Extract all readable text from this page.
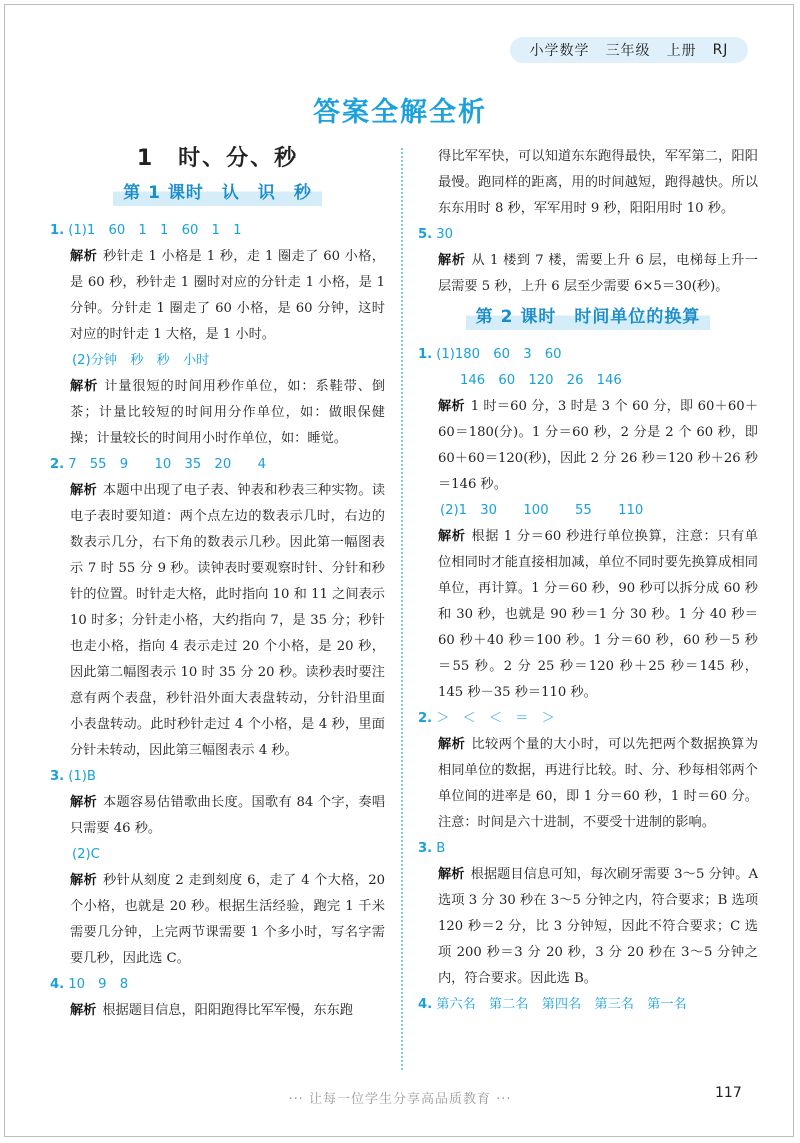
小学数学 三年级 上册 RJ
答案全解全析
1　时、分、秒
第 1 课时　认　识　秒
1. (1)1　60　1　1　60　1　1
解析 秒针走 1 小格是 1 秒，走 1 圈走了 60 小格，是 60 秒，秒针走 1 圈时对应的分针走 1 小格，是 1 分钟。分针走 1 圈走了 60 小格，是 60 分钟，这时对应的时针走 1 大格，是 1 小时。
(2)分钟　秒　秒　小时
解析 计量很短的时间用秒作单位，如：系鞋带、倒茶；计量比较短的时间用分作单位，如：做眼保健操；计量较长的时间用小时作单位，如：睡觉。
2. 7　55　9　　10　35　20　　4
解析 本题中出现了电子表、钟表和秒表三种实物。读电子表时要知道：两个点左边的数表示几时，右边的数表示几分，右下角的数表示几秒。因此第一幅图表示 7 时 55 分 9 秒。读钟表时要观察时针、分针和秒针的位置。时针走大格，此时指向 10 和 11 之间表示 10 时多；分针走小格，大约指向 7，是 35 分；秒针也走小格，指向 4 表示走过 20 个小格，是 20 秒，因此第二幅图表示 10 时 35 分 20 秒。读秒表时要注意有两个表盘，秒针沿外面大表盘转动，分针沿里面小表盘转动。此时秒针走过 4 个小格，是 4 秒，里面分针未转动，因此第三幅图表示 4 秒。
3. (1)B
解析 本题容易估错歌曲长度。国歌有 84 个字，奏唱只需要 46 秒。
(2)C
解析 秒针从刻度 2 走到刻度 6，走了 4 个大格，20 个小格，也就是 20 秒。根据生活经验，跑完 1 千米需要几分钟，上完两节课需要 1 个多小时，写名字需要几秒，因此选 C。
4. 10　9　8
解析 根据题目信息，阳阳跑得比军军慢，东东跑
得比军军快，可以知道东东跑得最快，军军第二，阳阳最慢。跑同样的距离，用的时间越短，跑得越快。所以东东用时 8 秒，军军用时 9 秒，阳阳用时 10 秒。
5. 30
解析 从 1 楼到 7 楼，需要上升 6 层，电梯每上升一层需要 5 秒，上升 6 层至少需要 6×5＝30(秒)。
第 2 课时　时间单位的换算
1. (1)180　60　3　60
146　60　120　26　146
解析 1 时＝60 分，3 时是 3 个 60 分，即 60＋60＋60＝180(分)。1 分＝60 秒，2 分是 2 个 60 秒，即 60＋60＝120(秒)，因此 2 分 26 秒＝120 秒＋26 秒＝146 秒。
(2)1　30　　100　　55　　110
解析 根据 1 分＝60 秒进行单位换算，注意：只有单位相同时才能直接相加减，单位不同时要先换算成相同单位，再计算。1 分＝60 秒，90 秒可以拆分成 60 秒和 30 秒，也就是 90 秒＝1 分 30 秒。1 分 40 秒＝60 秒＋40 秒＝100 秒。1 分＝60 秒，60 秒－5 秒＝55 秒。2 分 25 秒＝120 秒＋25 秒＝145 秒，145 秒－35 秒＝110 秒。
2. ＞　＜　＜　＝　＞
解析 比较两个量的大小时，可以先把两个数据换算为相同单位的数据，再进行比较。时、分、秒每相邻两个单位间的进率是 60，即 1 分＝60 秒，1 时＝60 分。注意：时间是六十进制，不要受十进制的影响。
3. B
解析 根据题目信息可知，每次刷牙需要 3～5 分钟。A 选项 3 分 30 秒在 3～5 分钟之内，符合要求；B 选项 120 秒＝2 分，比 3 分钟短，因此不符合要求；C 选项 200 秒＝3 分 20 秒，3 分 20 秒在 3～5 分钟之内，符合要求。因此选 B。
4. 第六名　第二名　第四名　第三名　第一名
··· 让每一位学生分享高品质教育 ···	117
